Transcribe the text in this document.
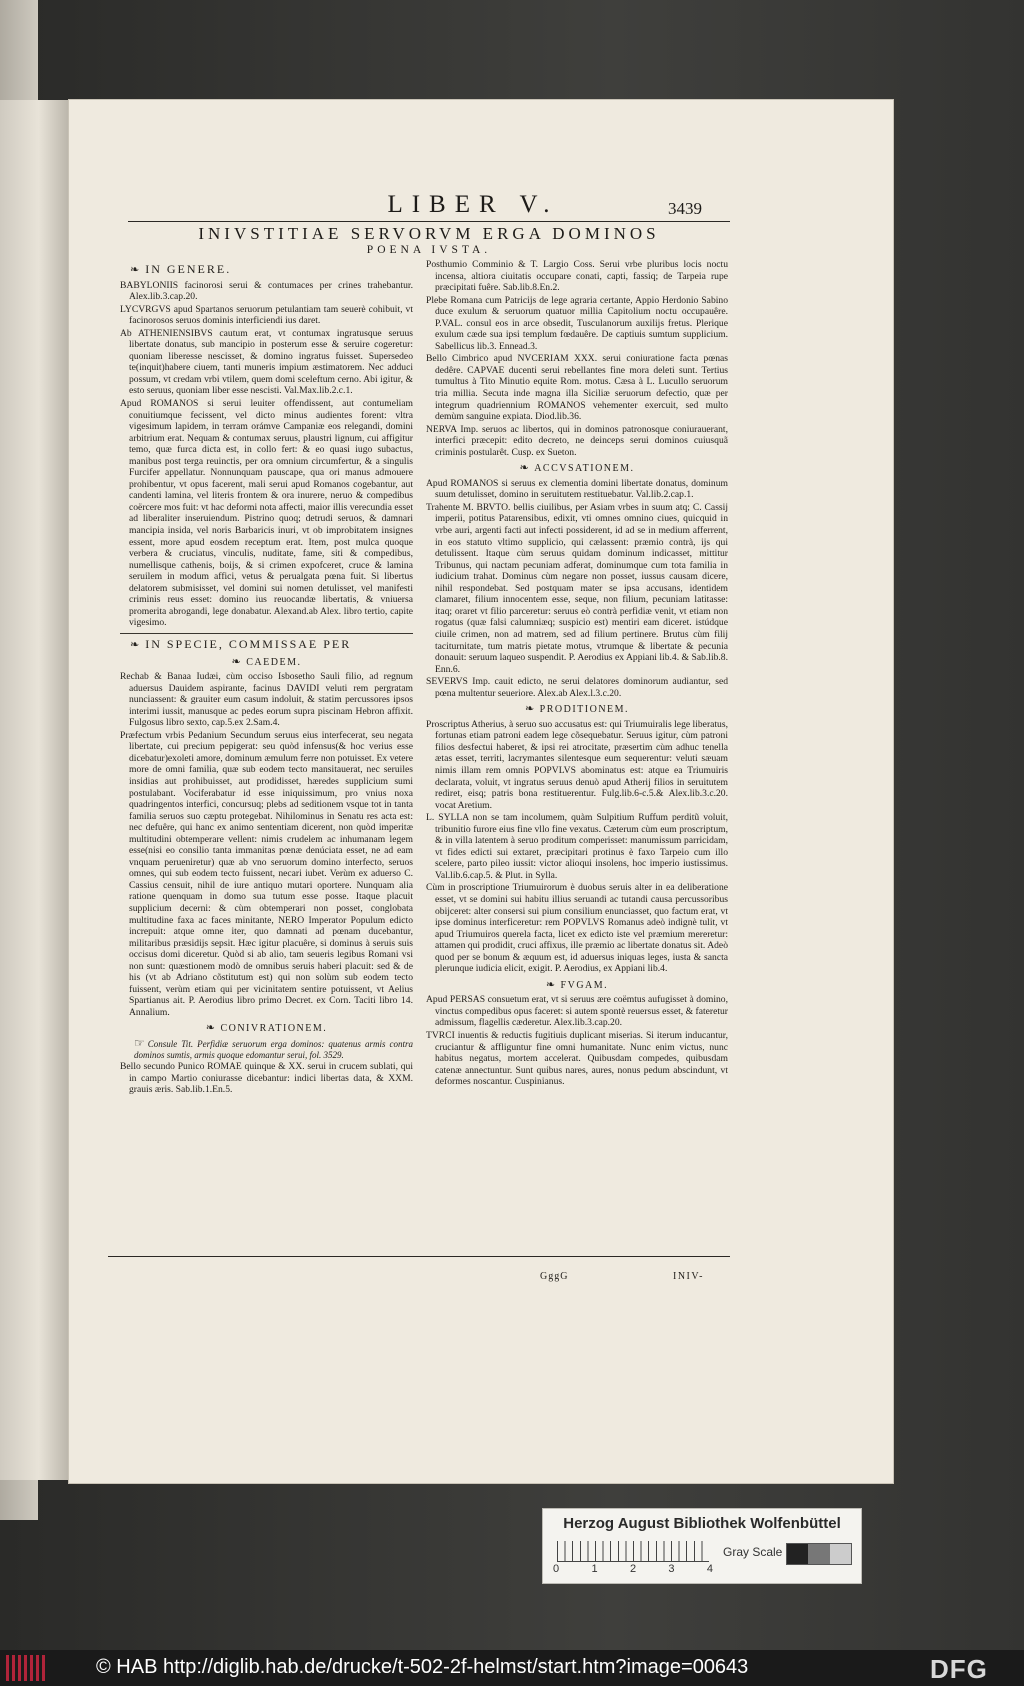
LIBER V.	3439
INIVSTITIAE SERVORVM ERGA DOMINOS
POENA IVSTA.
❧ IN GENERE.

BABYLONIIS facinorosi serui & contumaces per crines trahebantur. Alex.lib.3.cap.20.

LYCVRGVS apud Spartanos seruorum petulantiam tam seuerè cohibuit, vt facinorosos seruos dominis interficiendi ius daret.

Ab ATHENIENSIBVS cautum erat, vt contumax ingratusque seruus libertate donatus, sub mancipio in posterum esse & seruire cogeretur: quoniam liberesse nescisset, & domino ingratus fuisset. Supersedeo te(inquit)habere ciuem, tanti muneris impium æstimatorem. Nec adduci possum, vt credam vrbi vtilem, quem domi sceleftum cerno. Abi igitur, & esto seruus, quoniam liber esse nescisti. Val.Max.lib.2.c.1.

Apud ROMANOS si serui leuiter offendissent, aut contumeliam conuitiumque fecissent, vel dicto minus audientes forent: vltra vigesimum lapidem, in terram orámve Campaniæ eos relegandi, domini arbitrium erat. Nequam & contumax seruus, plaustri lignum, cui affigitur temo, quæ furca dicta est, in collo fert: & eo quasi iugo subactus, manibus post terga reuinctis, per ora omnium circumfertur, & a singulis Furcifer appellatur. Nonnunquam pauscape, qua ori manus admouere prohibentur, vt opus facerent, mali serui apud Romanos cogebantur, aut candenti lamina, vel literis frontem & ora inurere, neruo & compedibus coërcere mos fuit: vt hac deformi nota affecti, maior illis verecundia esset ad liberaliter inseruiendum. Pistrino quoq; detrudi seruos, & damnari mancipia insida, vel noris Barbaricis inuri, vt ob improbitatem insignes essent, more apud eosdem receptum erat. Item, post mulca quoque verbera & cruciatus, vinculis, nuditate, fame, siti & compedibus, numellisque cathenis, boijs, & si crimen expofceret, cruce & lamina seruilem in modum affici, vetus & perualgata pœna fuit. Si libertus delatorem submisisset, vel domini sui nomen detulisset, vel manifesti criminis reus esset: domino ius reuocandæ libertatis, & vniuersa promerita abrogandi, lege donabatur. Alexand.ab Alex. libro tertio, capite vigesimo.

❧ IN SPECIE, COMMISSAE PER
❧ CAEDEM.

Rechab & Banaa Iudæi, cùm occiso Isbosetho Sauli filio, ad regnum aduersus Dauidem aspirante, facinus DAVIDI veluti rem pergratam nunciassent: & grauiter eum casum indoluit, & statim percussores ipsos interimi iussit, manusque ac pedes eorum supra piscinam Hebron affixit. Fulgosus libro sexto, cap.5.ex 2.Sam.4.

Præfectum vrbis Pedanium Secundum seruus eius interfecerat, seu negata libertate, cui precium pepigerat: seu quòd infensus(& hoc verius esse dicebatur)exoleti amore, dominum æmulum ferre non potuisset. Ex vetere more de omni familia, quæ sub eodem tecto mansitauerat, nec seruiles insidias aut prohibuisset, aut prodidisset, hæredes supplicium sumi postulabant. Vociferabatur id esse iniquissimum, pro vnius noxa quadringentos interfici, concursuq; plebs ad seditionem vsque tot in tanta familia seruos suo cæptu protegebat. Nihilominus in Senatu res acta est: nec defuêre, qui hanc ex animo sententiam dicerent, non quòd imperitæ multitudini obtemperare vellent: nimis crudelem ac inhumanam legem esse(nisi eo consilio tanta immanitas pœnæ denúciata esset, ne ad eam vnquam perueniretur) quæ ab vno seruorum domino interfecto, seruos omnes, qui sub eodem tecto fuissent, necari iubet. Verùm ex aduerso C. Cassius censuit, nihil de iure antiquo mutari oportere. Nunquam alia ratione quenquam in domo sua tutum esse posse. Itaque placuit supplicium decerni: & cùm obtemperari non posset, conglobata multitudine faxa ac faces minitante, NERO Imperator Populum edicto increpuit: atque omne iter, quo damnati ad pœnam ducebantur, militaribus præsidijs sepsit. Hæc igitur placuêre, si dominus à seruis suis occisus domi diceretur. Quòd si ab alio, tam seueris legibus Romani vsi non sunt: quæstionem modò de omnibus seruis haberi placuit: sed & de his (vt ab Adriano cõstitutum est) qui non solùm sub eodem tecto fuissent, verùm etiam qui per vicinitatem sentire potuissent, vt Aelius Spartianus ait. P. Aerodius libro primo Decret. ex Corn. Taciti libro 14. Annalium.

❧ CONIVRATIONEM.

☞ Consule Tit. Perfidiæ seruorum erga dominos: quatenus armis contra dominos sumtis, armis quoque edomantur serui, fol. 3529.

Bello secundo Punico ROMAE quinque & XX. serui in crucem sublati, qui in campo Martio coniurasse dicebantur: indici libertas data, & XXM. grauis æris. Sab.lib.1.En.5.

Posthumio Comminio & T. Largio Coss. Serui vrbe pluribus locis noctu incensa, altiora ciuitatis occupare conati, capti, fassiq; de Tarpeia rupe præcipitati fuêre. Sab.lib.8.En.2.

Plebe Romana cum Patricijs de lege agraria certante, Appio Herdonio Sabino duce exulum & seruorum quatuor millia Capitolium noctu occupauêre. P.VAL. consul eos in arce obsedit, Tusculanorum auxilijs fretus. Plerique exulum cæde sua ipsi templum fœdauêre. De captiuis sumtum supplicium. Sabellicus lib.3. Ennead.3.

Bello Cimbrico apud NVCERIAM XXX. serui coniuratione facta pœnas dedêre. CAPVAE ducenti serui rebellantes fine mora deleti sunt. Tertius tumultus à Tito Minutio equite Rom. motus. Cæsa à L. Lucullo seruorum tria millia. Secuta inde magna illa Siciliæ seruorum defectio, quæ per integrum quadriennium ROMANOS vehementer exercuit, sed multo demùm sanguine expiata. Diod.lib.36.

NERVA Imp. seruos ac libertos, qui in dominos patronosque coniurauerant, interfici præcepit: edito decreto, ne deinceps serui dominos cuiusquã criminis postularêt. Cusp. ex Sueton.

❧ ACCVSATIONEM.

Apud ROMANOS si seruus ex clementia domini libertate donatus, dominum suum detulisset, domino in seruitutem restituebatur. Val.lib.2.cap.1.

Trahente M. BRVTO. bellis ciuilibus, per Asiam vrbes in suum atq; C. Cassij imperii, potitus Patarensibus, edixit, vti omnes omnino ciues, quicquid in vrbe auri, argenti facti aut infecti possiderent, id ad se in medium afferrent, in eos statuto vltimo supplicio, qui cælassent: præmio contrà, ijs qui detulissent. Itaque cùm seruus quidam dominum indicasset, mittitur Tribunus, qui nactam pecuniam adferat, dominumque cum tota familia in iudicium trahat. Dominus cùm negare non posset, iussus causam dicere, nihil respondebat. Sed postquam mater se ipsa accusans, identidem clamaret, filium innocentem esse, seque, non filium, pecuniam latitasse: itaq; oraret vt filio parceretur: seruus eò contrà perfidiæ venit, vt etiam non rogatus (quæ falsi calumniæq; suspicio est) mentiri eam diceret. istúdque ciuile crimen, non ad matrem, sed ad filium pertinere. Brutus cùm filij taciturnitate, tum matris pietate motus, vtrumque & libertate & pecunia donauit: seruum laqueo suspendit. P. Aerodius ex Appiani lib.4. & Sab.lib.8. Enn.6.

SEVERVS Imp. cauit edicto, ne serui delatores dominorum audiantur, sed pœna multentur seueriore. Alex.ab Alex.l.3.c.20.

❧ PRODITIONEM.

Proscriptus Atherius, à seruo suo accusatus est: qui Triumuiralis lege liberatus, fortunas etiam patroni eadem lege cõsequebatur. Seruus igitur, cùm patroni filios desfectui haberet, & ipsi rei atrocitate, præsertim cùm adhuc tenella ætas esset, territi, lacrymantes silentesque eum sequerentur: veluti sæuam nimis illam rem omnis POPVLVS abominatus est: atque ea Triumuiris declarata, voluit, vt ingratus seruus denuò apud Atherij filios in seruitutem rediret, eisq; patris bona restituerentur. Fulg.lib.6-c.5.& Alex.lib.3.c.20. vocat Aretium.

L. SYLLA non se tam incolumem, quàm Sulpitium Ruffum perditũ voluit, tribunitio furore eius fine vllo fine vexatus. Cæterum cùm eum proscriptum, & in villa latentem à seruo proditum comperisset: manumissum parricidam, vt fides edicti sui extaret, præcipitari protinus è faxo Tarpeio cum illo scelere, parto pileo iussit: victor alioqui insolens, hoc imperio iustissimus. Val.lib.6.cap.5. & Plut. in Sylla.

Cùm in proscriptione Triumuirorum è duobus seruis alter in ea deliberatione esset, vt se domini sui habitu illius seruandi ac tutandi causa percussoribus obijceret: alter consersi sui pium consilium enunciasset, quo factum erat, vt ipse dominus interficeretur: rem POPVLVS Romanus adeò indignè tulit, vt apud Triumuiros querela facta, licet ex edicto iste vel præmium mereretur: attamen qui prodidit, cruci affixus, ille præmio ac libertate donatus sit. Adeò quod per se bonum & æquum est, id aduersus iniquas leges, iusta & sancta plerunque iudicia elicit, exigit. P. Aerodius, ex Appiani lib.4.

❧ FVGAM.

Apud PERSAS consuetum erat, vt si seruus ære coëmtus aufugisset à domino, vinctus compedibus opus faceret: si autem spontè reuersus esset, & fateretur admissum, flagellis cæderetur. Alex.lib.3.cap.20.

TVRCI inuentis & reductis fugitiuis duplicant miserias. Si iterum inducantur, cruciantur & affliguntur fine omni humanitate. Nunc enim victus, nunc habitus negatus, mortem accelerat. Quibusdam compedes, quibusdam catenæ annectuntur. Sunt quibus nares, aures, nonus pedum abscindunt, vt deformes noscantur. Cuspinianus.

GggG	INIV-
Herzog August Bibliothek Wolfenbüttel
0	1	2	3	4
Gray Scale
© HAB http://diglib.hab.de/drucke/t-502-2f-helmst/start.htm?image=00643	DFG
